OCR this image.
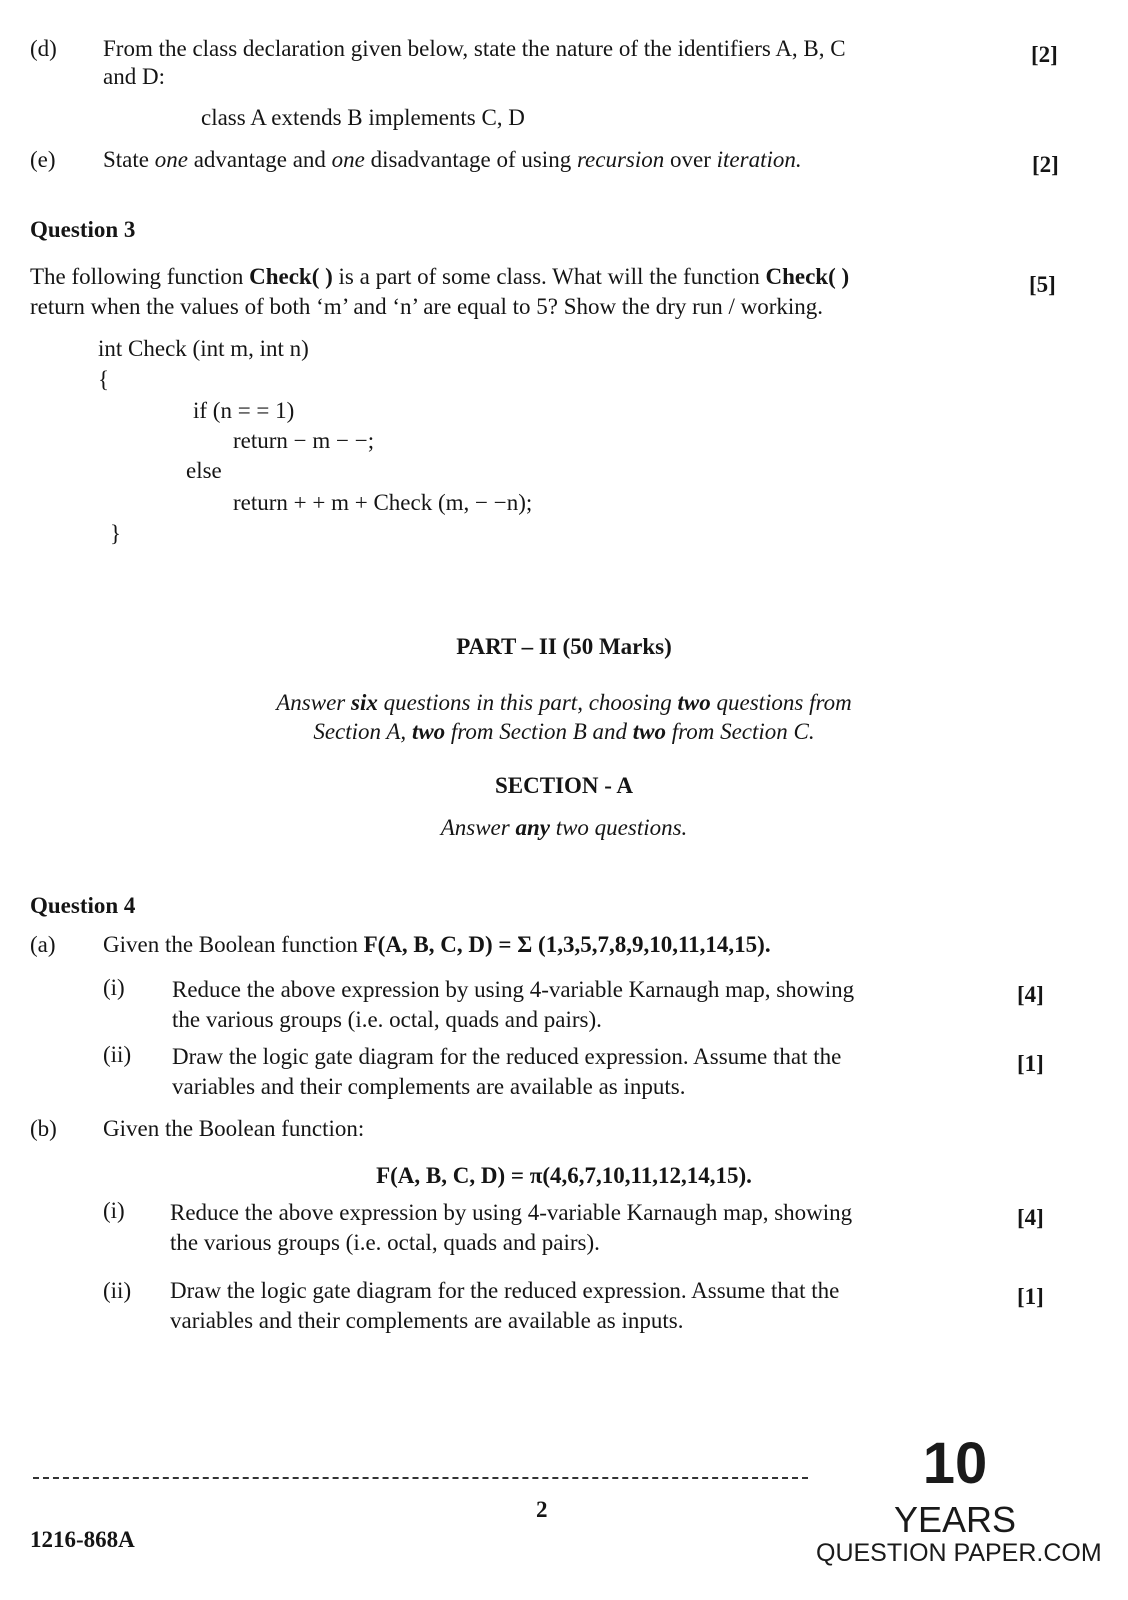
(d) From the class declaration given below, state the nature of the identifiers A, B, C
and D:
class A extends B implements C, D
[2]
(e) State one advantage and one disadvantage of using recursion over iteration.	[2]
Question 3
The following function Check( ) is a part of some class. What will the function Check( )
return when the values of both ‘m’ and ‘n’ are equal to 5? Show the dry run / working.
[5]
int Check (int m, int n)
{
if (n = = 1)
return − m − −;
else
return + + m + Check (m, − −n);
}
PART – II (50 Marks)
Answer six questions in this part, choosing two questions from
Section A, two from Section B and two from Section C.
SECTION - A
Answer any two questions.
Question 4
(a) Given the Boolean function F(A, B, C, D) = Σ (1,3,5,7,8,9,10,11,14,15).
(i) Reduce the above expression by using 4-variable Karnaugh map, showing
the various groups (i.e. octal, quads and pairs).
[4]
(ii) Draw the logic gate diagram for the reduced expression. Assume that the
variables and their complements are available as inputs.
[1]
(b) Given the Boolean function:
F(A, B, C, D) = π(4,6,7,10,11,12,14,15).
(i) Reduce the above expression by using 4-variable Karnaugh map, showing
the various groups (i.e. octal, quads and pairs).
[4]
(ii) Draw the logic gate diagram for the reduced expression. Assume that the
variables and their complements are available as inputs.
[1]
2
1216-868A
10
YEARS
QUESTION PAPER.COM
